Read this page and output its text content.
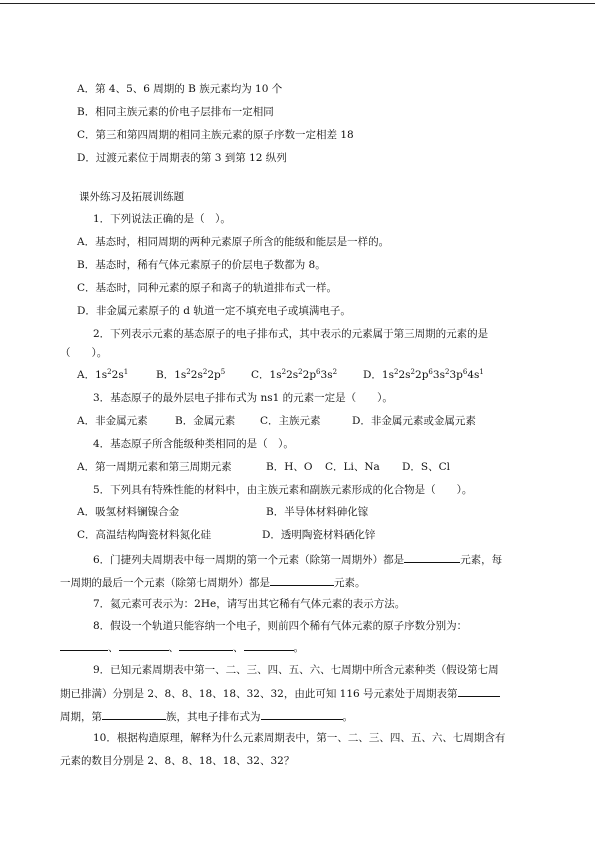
A．第 4、5、6 周期的 B 族元素均为 10 个
B．相同主族元素的价电子层排布一定相同
C．第三和第四周期的相同主族元素的原子序数一定相差 18
D．过渡元素位于周期表的第 3 到第 12 纵列
课外练习及拓展训练题
1．下列说法正确的是（　）。
A．基态时，相同周期的两种元素原子所含的能级和能层是一样的。
B．基态时，稀有气体元素原子的价层电子数都为 8。
C．基态时，同种元素的原子和离子的轨道排布式一样。
D．非金属元素原子的 d 轨道一定不填充电子或填满电子。
2．下列表示元素的基态原子的电子排布式，其中表示的元素属于第三周期的元素的是
（　　）。
A．$1s^22s^1$	B．$1s^22s^22p^5$ C．$1s^22s^22p^63s^2$ D．$1s^22s^22p^63s^23p^64s^1$
3．基态原子的最外层电子排布式为 ns1 的元素一定是（　　）。
A．非金属元素	B．金属元素 C．主族元素	D．非金属元素或金属元素
4．基态原子所含能级种类相同的是（　）。
A．第一周期元素和第三周期元素	B．H、O C．Li、Na D．S、Cl
5．下列具有特殊性能的材料中，由主族元素和副族元素形成的化合物是（　　）。
A．吸氢材料镧镍合金	B．半导体材料砷化镓
C．高温结构陶瓷材料氮化硅	D．透明陶瓷材料硒化锌
6．门捷列夫周期表中每一周期的第一个元素（除第一周期外）都是	元素，每
一周期的最后一个元素（除第七周期外）都是	元素。
7．氦元素可表示为：2He，请写出其它稀有气体元素的表示方法。
8．假设一个轨道只能容纳一个电子，则前四个稀有气体元素的原子序数分别为：
、	、	、	。
9．已知元素周期表中第一、二、三、四、五、六、七周期中所含元素种类（假设第七周
期已排满）分别是 2、8、8、18、18、32、32，由此可知 116 号元素处于周期表第
周期，第	族，其电子排布式为	。
10．根据构造原理，解释为什么元素周期表中，第一、二、三、四、五、六、七周期含有
元素的数目分别是 2、8、8、18、18、32、32？
